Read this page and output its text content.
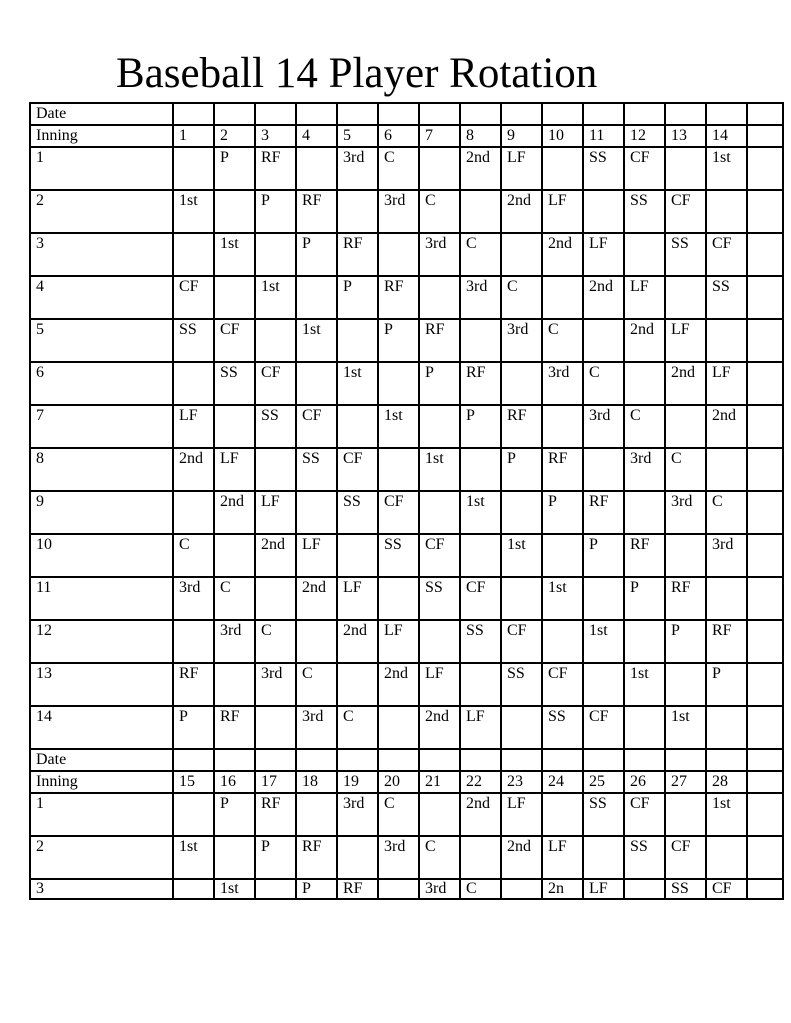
Baseball 14 Player Rotation
Date															
Inning	1	2	3	4	5	6	7	8	9	10	11	12	13	14	
1		P	RF		3rd	C		2nd	LF		SS	CF		1st	
2	1st		P	RF		3rd	C		2nd	LF		SS	CF		
3		1st		P	RF		3rd	C		2nd	LF		SS	CF	
4	CF		1st		P	RF		3rd	C		2nd	LF		SS	
5	SS	CF		1st		P	RF		3rd	C		2nd	LF		
6		SS	CF		1st		P	RF		3rd	C		2nd	LF	
7	LF		SS	CF		1st		P	RF		3rd	C		2nd	
8	2nd	LF		SS	CF		1st		P	RF		3rd	C		
9		2nd	LF		SS	CF		1st		P	RF		3rd	C	
10	C		2nd	LF		SS	CF		1st		P	RF		3rd	
11	3rd	C		2nd	LF		SS	CF		1st		P	RF		
12		3rd	C		2nd	LF		SS	CF		1st		P	RF	
13	RF		3rd	C		2nd	LF		SS	CF		1st		P	
14	P	RF		3rd	C		2nd	LF		SS	CF		1st		
Date															
Inning	15	16	17	18	19	20	21	22	23	24	25	26	27	28	
1		P	RF		3rd	C		2nd	LF		SS	CF		1st	
2	1st		P	RF		3rd	C		2nd	LF		SS	CF		
3		1st		P	RF		3rd	C		2n	LF		SS	CF	
